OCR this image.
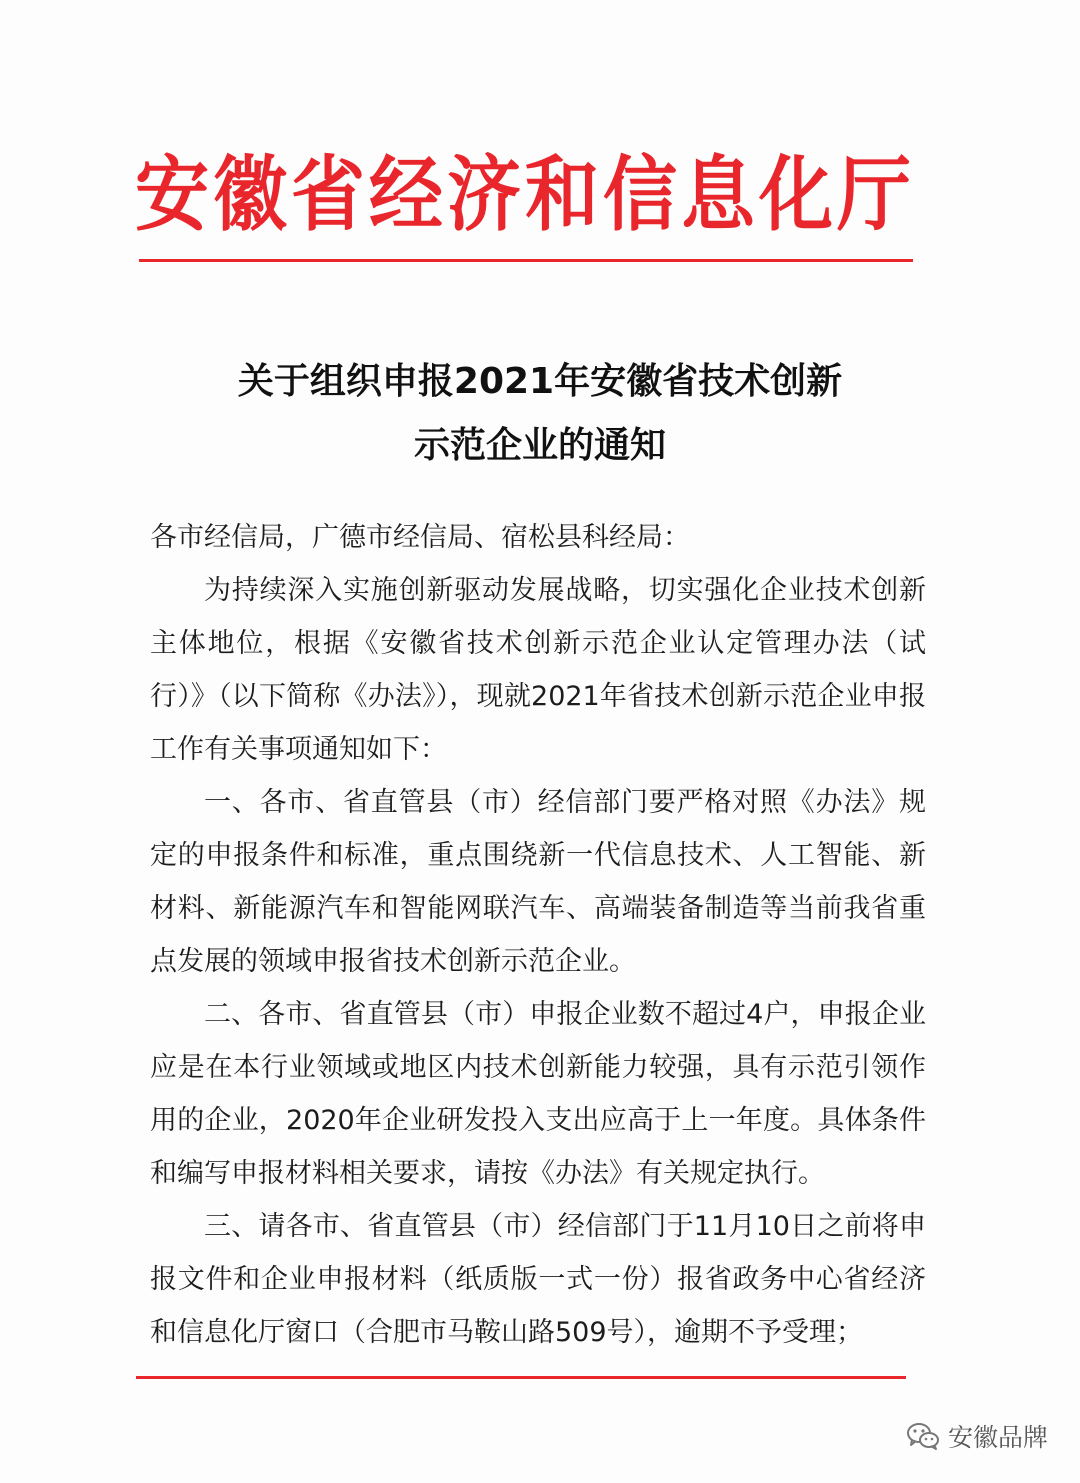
安徽省经济和信息化厅
关于组织申报2021年安徽省技术创新
示范企业的通知

各市经信局，广德市经信局、宿松县科经局：

为持续深入实施创新驱动发展战略，切实强化企业技术创新主体地位，根据《安徽省技术创新示范企业认定管理办法（试行）》（以下简称《办法》），现就2021年省技术创新示范企业申报工作有关事项通知如下：

一、各市、省直管县（市）经信部门要严格对照《办法》规定的申报条件和标准，重点围绕新一代信息技术、人工智能、新材料、新能源汽车和智能网联汽车、高端装备制造等当前我省重点发展的领域申报省技术创新示范企业。

二、各市、省直管县（市）申报企业数不超过4户，申报企业应是在本行业领域或地区内技术创新能力较强，具有示范引领作用的企业，2020年企业研发投入支出应高于上一年度。具体条件和编写申报材料相关要求，请按《办法》有关规定执行。

三、请各市、省直管县（市）经信部门于11月10日之前将申报文件和企业申报材料（纸质版一式一份）报省政务中心省经济和信息化厅窗口（合肥市马鞍山路509号），逾期不予受理；

安徽品牌
